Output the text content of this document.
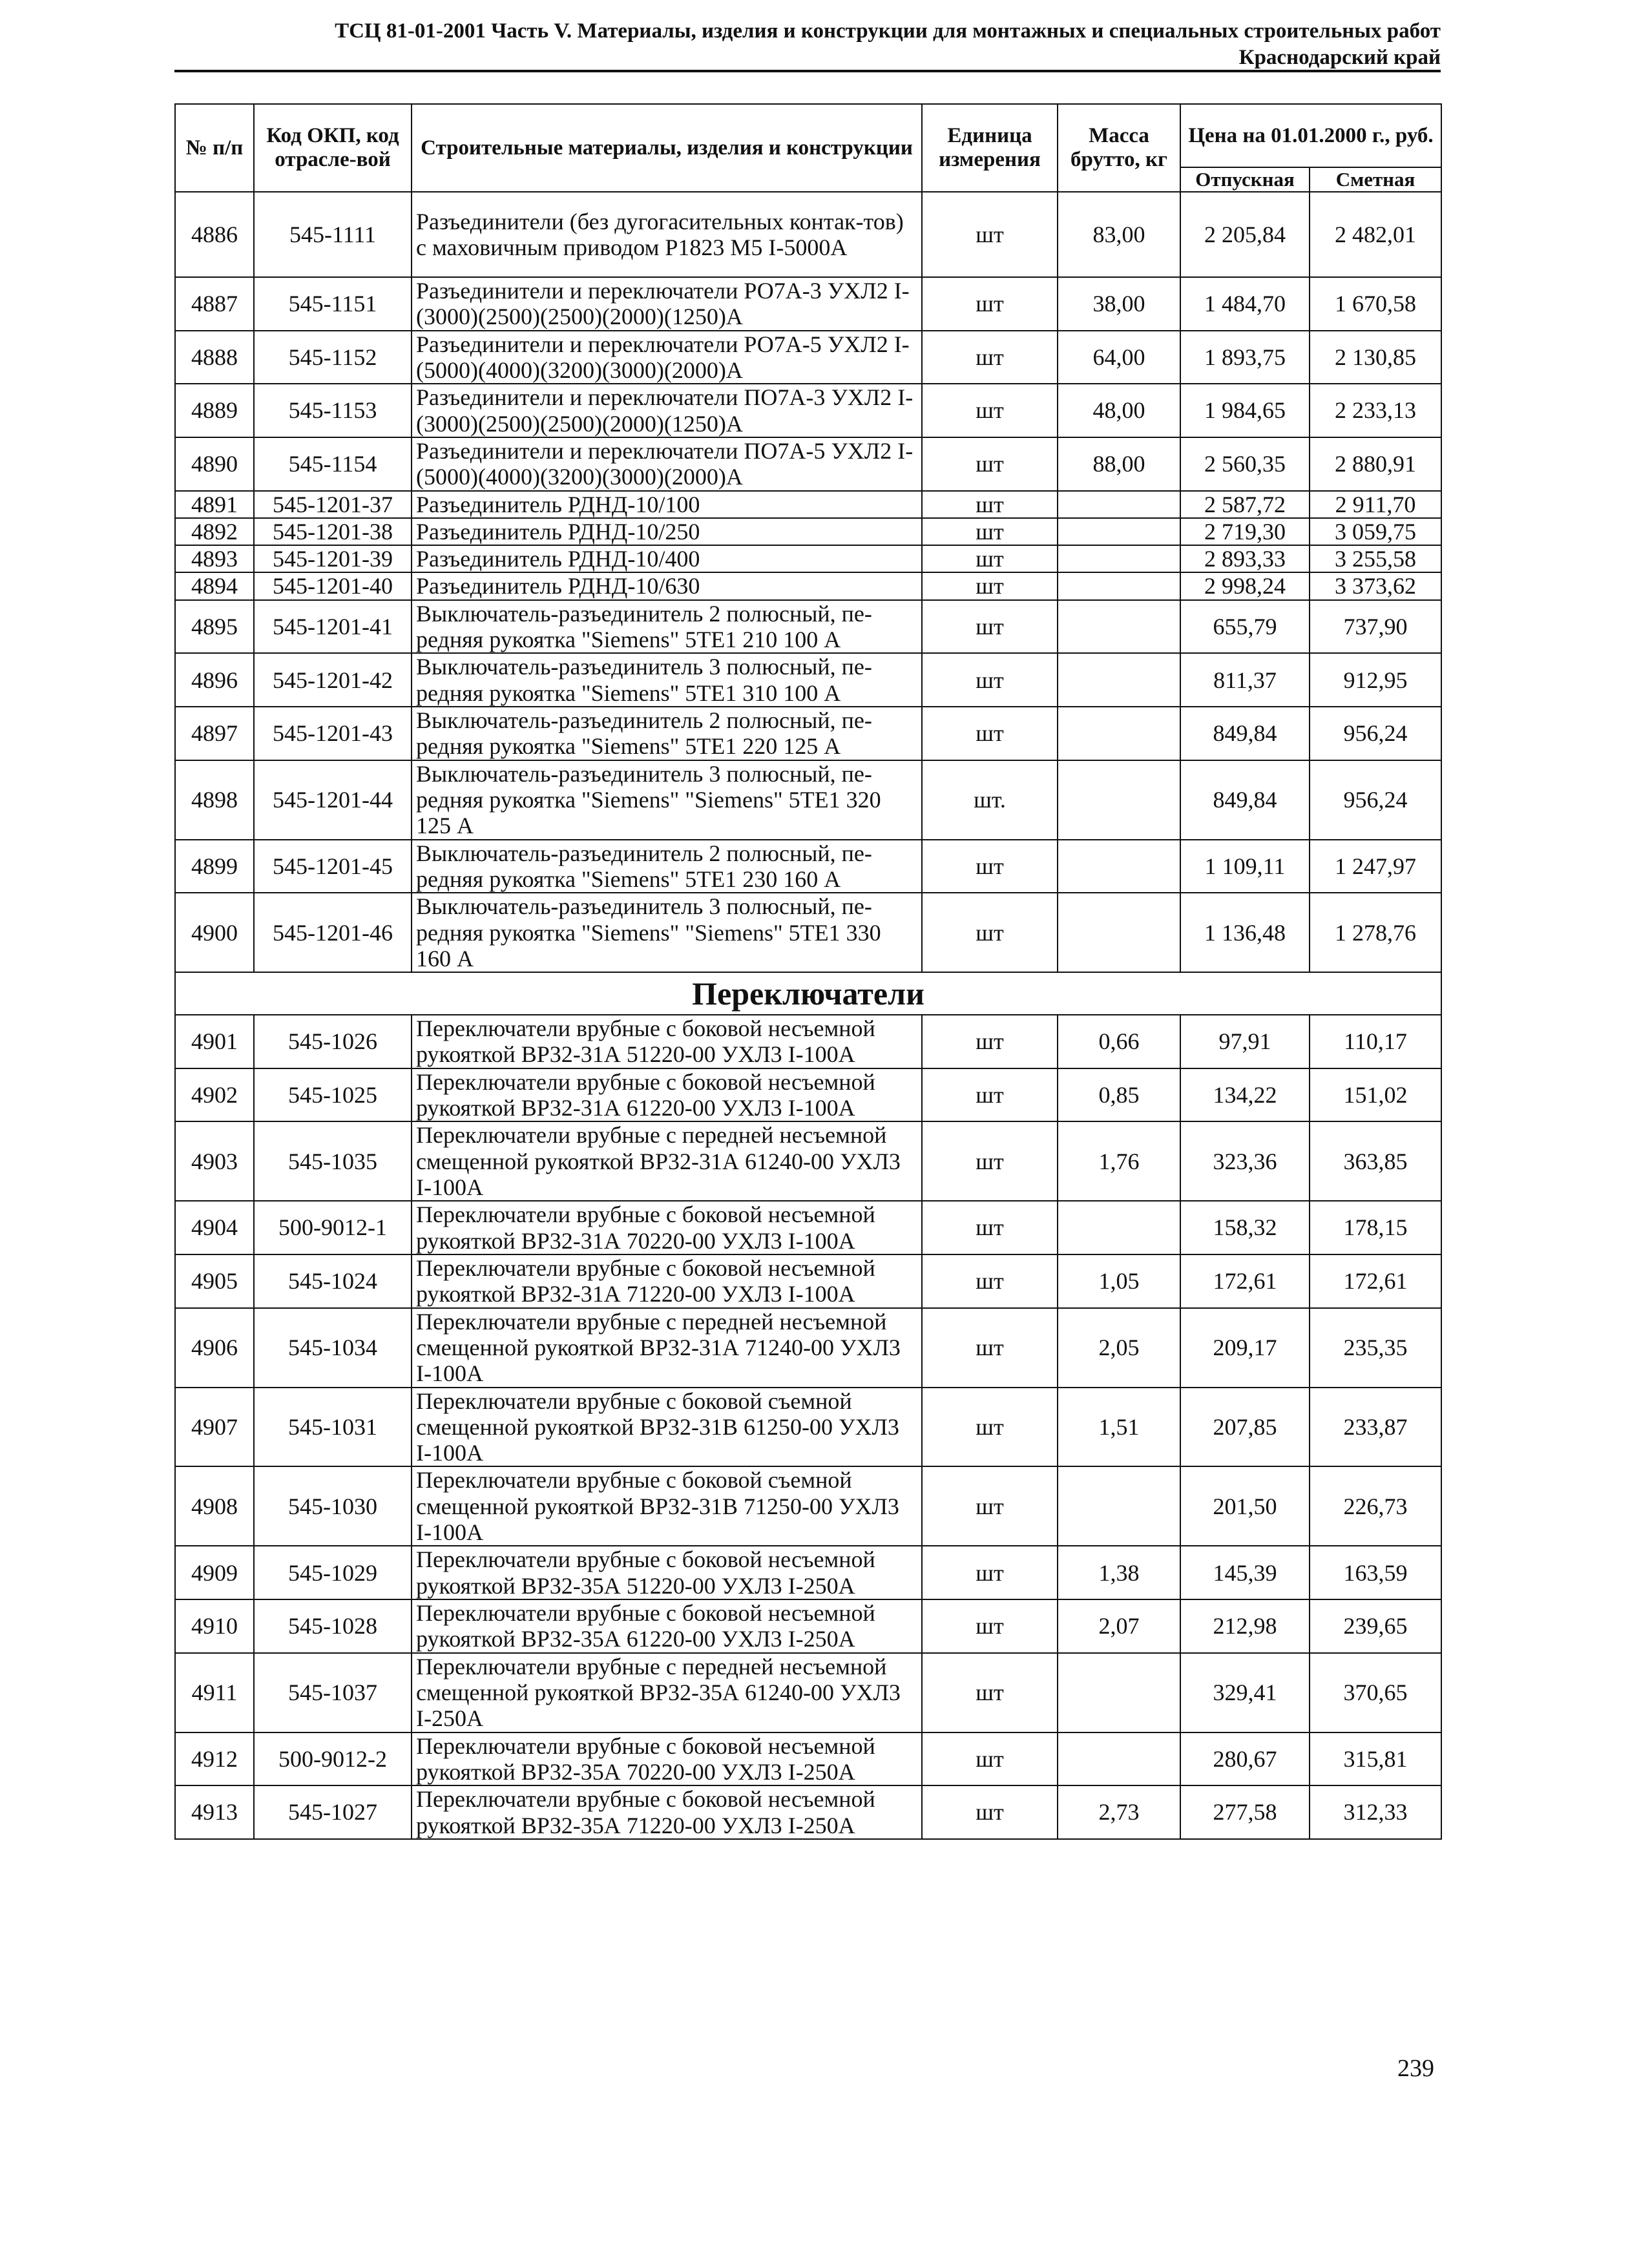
ТСЦ 81-01-2001 Часть V. Материалы, изделия и конструкции для монтажных и специальных строительных работ
Краснодарский край
№ п/п	Код ОКП, код отрасле-вой	Строительные материалы, изделия и конструкции	Единица измерения	Масса брутто, кг	Цена на 01.01.2000 г., руб.	
					Отпускная	Сметная
4886	545-1111	Разъединители (без дугогасительных контак-тов) с маховичным приводом Р1823 М5 I-5000А	шт	83,00	2 205,84	2 482,01
4887	545-1151	Разъединители и переключатели РО7А-3 УХЛ2 I-(3000)(2500)(2500)(2000)(1250)А	шт	38,00	1 484,70	1 670,58
4888	545-1152	Разъединители и переключатели РО7А-5 УХЛ2 I-(5000)(4000)(3200)(3000)(2000)А	шт	64,00	1 893,75	2 130,85
4889	545-1153	Разъединители и переключатели ПО7А-3 УХЛ2 I-(3000)(2500)(2500)(2000)(1250)А	шт	48,00	1 984,65	2 233,13
4890	545-1154	Разъединители и переключатели ПО7А-5 УХЛ2 I-(5000)(4000)(3200)(3000)(2000)А	шт	88,00	2 560,35	2 880,91
4891	545-1201-37	Разъединитель РДНД-10/100	шт		2 587,72	2 911,70
4892	545-1201-38	Разъединитель РДНД-10/250	шт		2 719,30	3 059,75
4893	545-1201-39	Разъединитель РДНД-10/400	шт		2 893,33	3 255,58
4894	545-1201-40	Разъединитель РДНД-10/630	шт		2 998,24	3 373,62
4895	545-1201-41	Выключатель-разъединитель 2 полюсный, пе-редняя рукоятка "Siemens" 5TE1 210 100 А	шт		655,79	737,90
4896	545-1201-42	Выключатель-разъединитель 3 полюсный, пе-редняя рукоятка "Siemens" 5TE1 310 100 А	шт		811,37	912,95
4897	545-1201-43	Выключатель-разъединитель 2 полюсный, пе-редняя рукоятка "Siemens" 5TE1 220 125 А	шт		849,84	956,24
4898	545-1201-44	Выключатель-разъединитель 3 полюсный, пе-редняя рукоятка "Siemens" "Siemens" 5TE1 320 125 А	шт.		849,84	956,24
4899	545-1201-45	Выключатель-разъединитель 2 полюсный, пе-редняя рукоятка "Siemens" 5TE1 230 160 А	шт		1 109,11	1 247,97
4900	545-1201-46	Выключатель-разъединитель 3 полюсный, пе-редняя рукоятка "Siemens" "Siemens" 5TE1 330 160 А	шт		1 136,48	1 278,76
Переключатели						
4901	545-1026	Переключатели врубные с боковой несъемной рукояткой ВР32-31А 51220-00 УХЛ3 I-100А	шт	0,66	97,91	110,17
4902	545-1025	Переключатели врубные с боковой несъемной рукояткой ВР32-31А 61220-00 УХЛ3 I-100А	шт	0,85	134,22	151,02
4903	545-1035	Переключатели врубные с передней несъемной смещенной рукояткой ВР32-31А 61240-00 УХЛ3 I-100А	шт	1,76	323,36	363,85
4904	500-9012-1	Переключатели врубные с боковой несъемной рукояткой ВР32-31А 70220-00 УХЛ3 I-100А	шт		158,32	178,15
4905	545-1024	Переключатели врубные с боковой несъемной рукояткой ВР32-31А 71220-00 УХЛ3 I-100А	шт	1,05	172,61	172,61
4906	545-1034	Переключатели врубные с передней несъемной смещенной рукояткой ВР32-31А 71240-00 УХЛ3 I-100А	шт	2,05	209,17	235,35
4907	545-1031	Переключатели врубные с боковой съемной смещенной рукояткой ВР32-31В 61250-00 УХЛ3 I-100А	шт	1,51	207,85	233,87
4908	545-1030	Переключатели врубные с боковой съемной смещенной рукояткой ВР32-31В 71250-00 УХЛ3 I-100А	шт		201,50	226,73
4909	545-1029	Переключатели врубные с боковой несъемной рукояткой ВР32-35А 51220-00 УХЛ3 I-250А	шт	1,38	145,39	163,59
4910	545-1028	Переключатели врубные с боковой несъемной рукояткой ВР32-35А 61220-00 УХЛ3 I-250А	шт	2,07	212,98	239,65
4911	545-1037	Переключатели врубные с передней несъемной смещенной рукояткой ВР32-35А 61240-00 УХЛ3 I-250А	шт		329,41	370,65
4912	500-9012-2	Переключатели врубные с боковой несъемной рукояткой ВР32-35А 70220-00 УХЛ3 I-250А	шт		280,67	315,81
4913	545-1027	Переключатели врубные с боковой несъемной рукояткой ВР32-35А 71220-00 УХЛ3 I-250А	шт	2,73	277,58	312,33
239
